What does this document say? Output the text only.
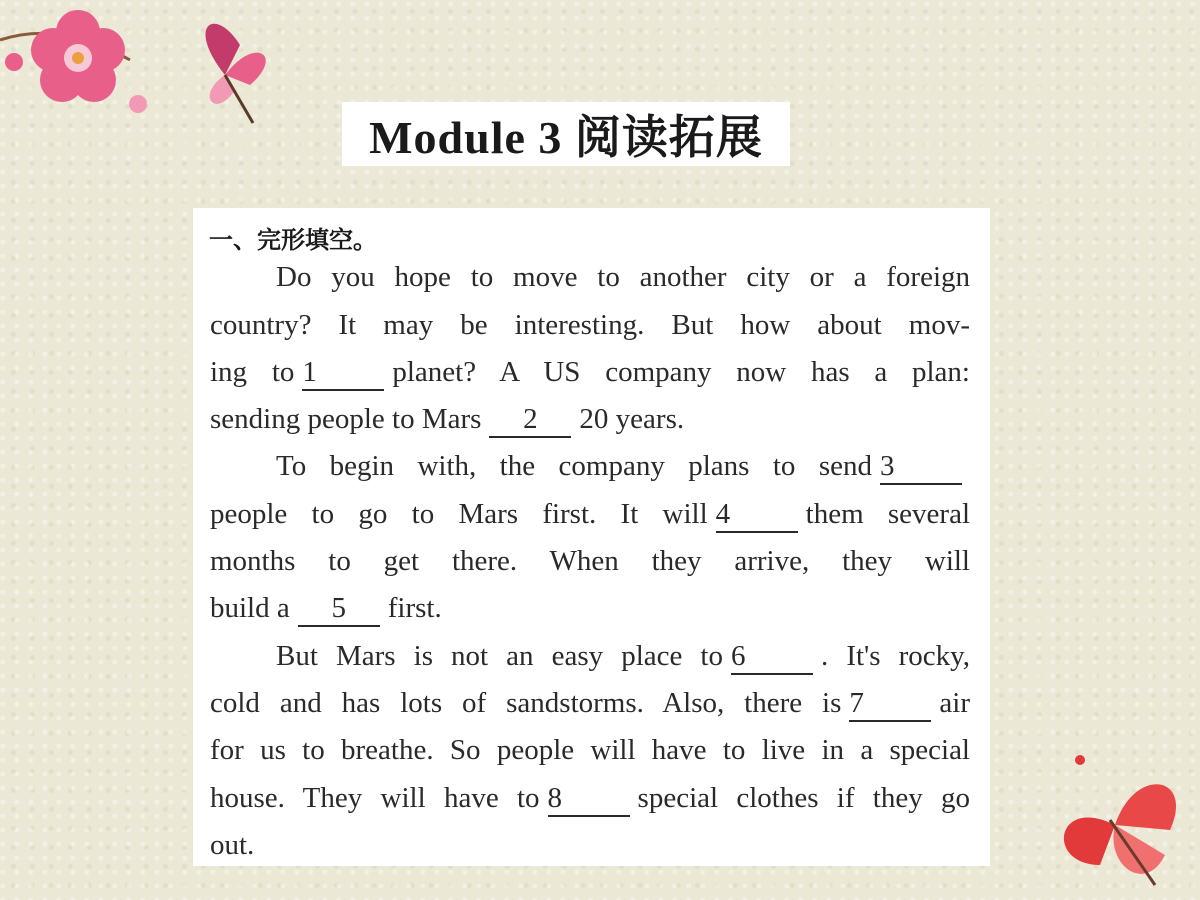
Module 3 阅读拓展
一、完形填空。
Do you hope to move to another city or a foreign
country? It may be interesting. But how about mov-
ing to 1	planet? A US company now has a plan:
sending people to Mars 2 20 years.
To begin with, the company plans to send 3
people to go to Mars first. It will 4	them several
months to get there. When they arrive, they will
build a 5 first.
But Mars is not an easy place to 6	. It's rocky,
cold and has lots of sandstorms. Also, there is 7	air
for us to breathe. So people will have to live in a special
house. They will have to 8	special clothes if they go
out.
